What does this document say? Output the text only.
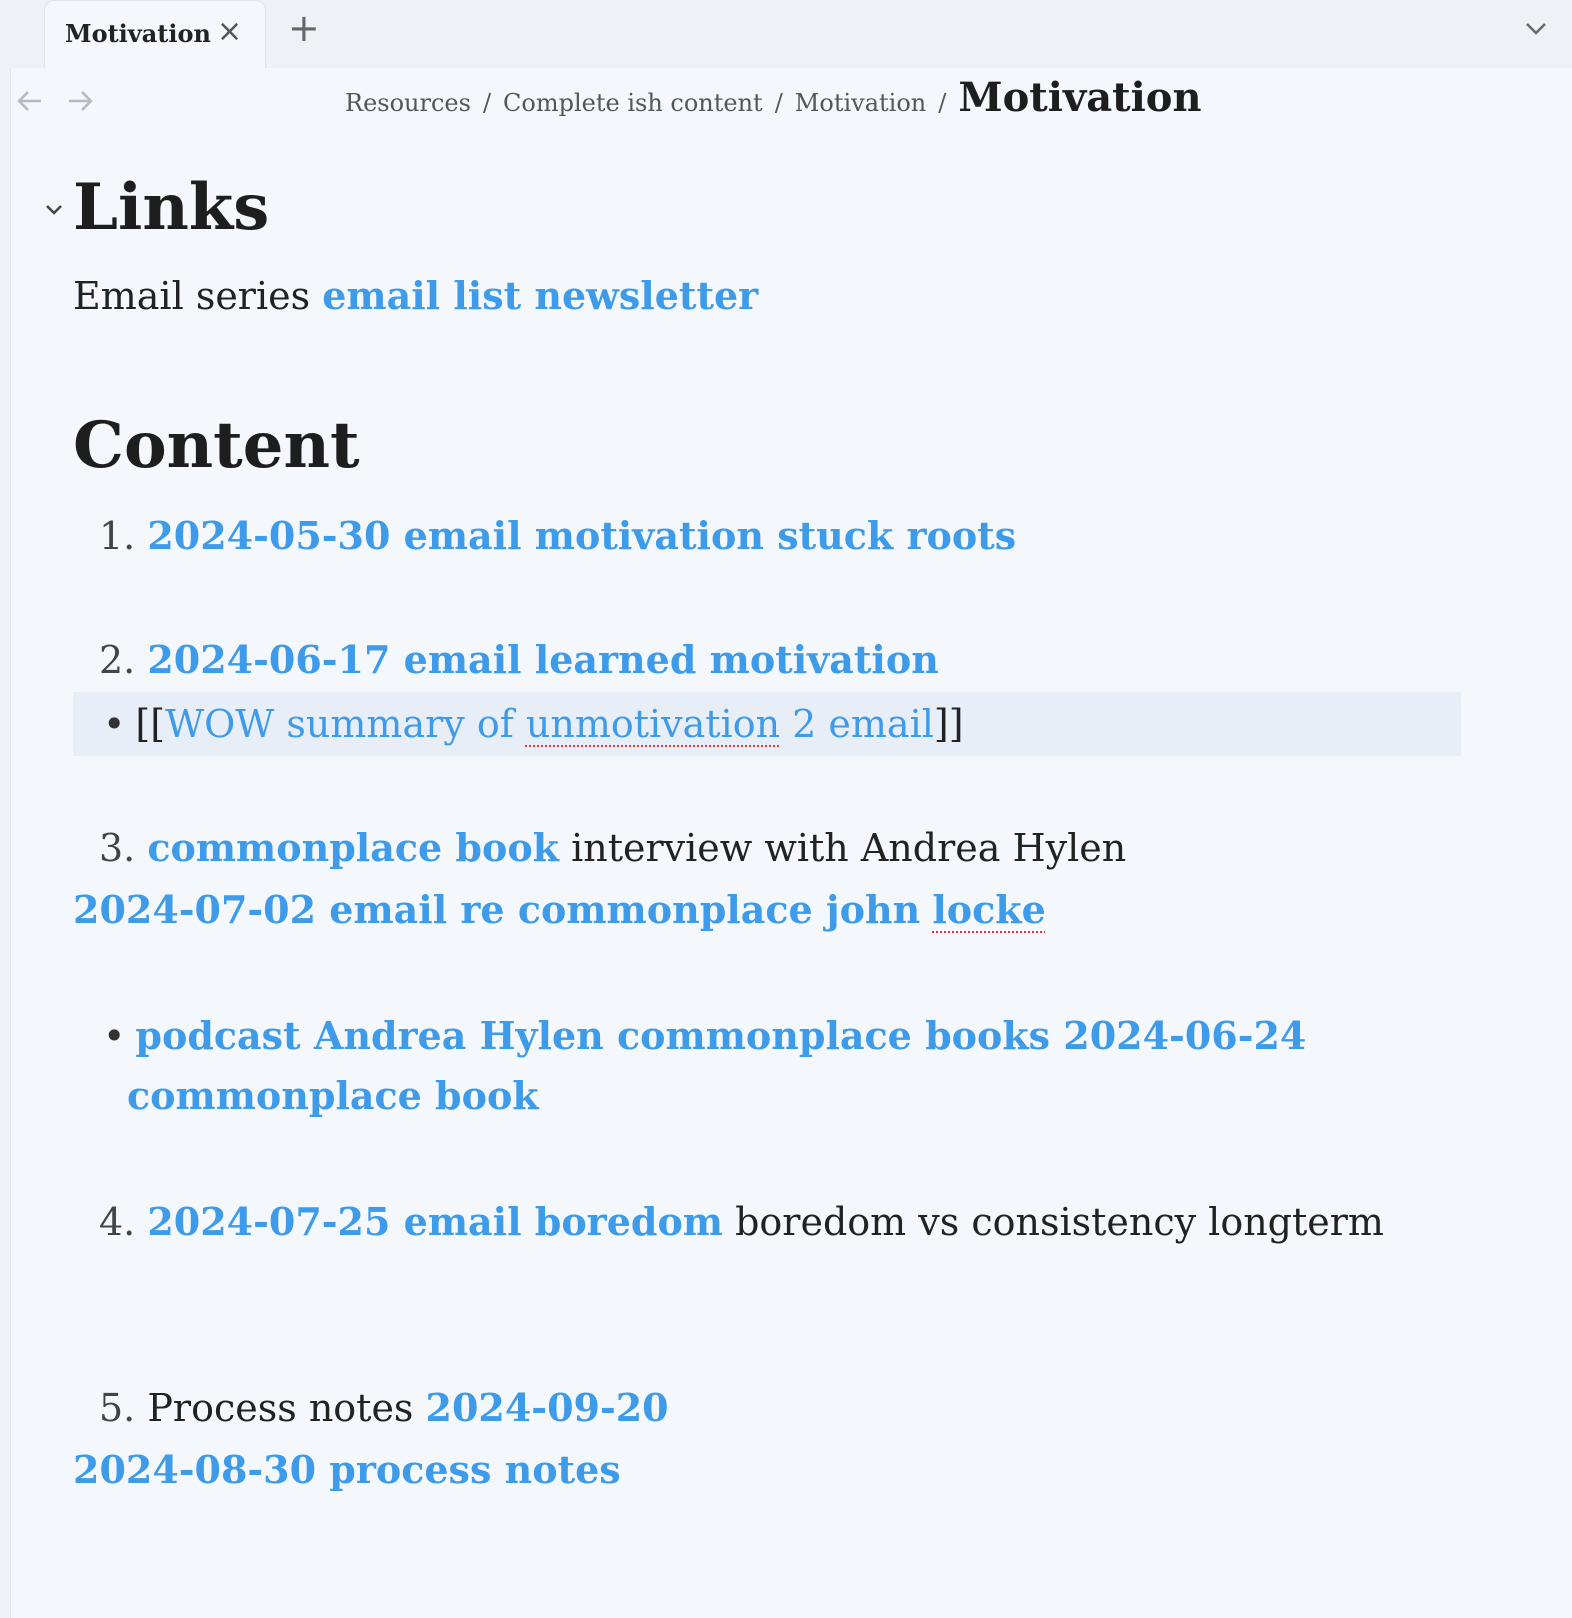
Motivation × +
Resources / Complete ish content / Motivation / Motivation
Links
Email series email list newsletter
Content
1. 2024-05-30 email motivation stuck roots
2. 2024-06-17 email learned motivation
• [[WOW summary of unmotivation 2 email]]
3. commonplace book interview with Andrea Hylen
2024-07-02 email re commonplace john locke
• podcast Andrea Hylen commonplace books 2024-06-24
commonplace book
4. 2024-07-25 email boredom boredom vs consistency longterm
5. Process notes 2024-09-20
2024-08-30 process notes
